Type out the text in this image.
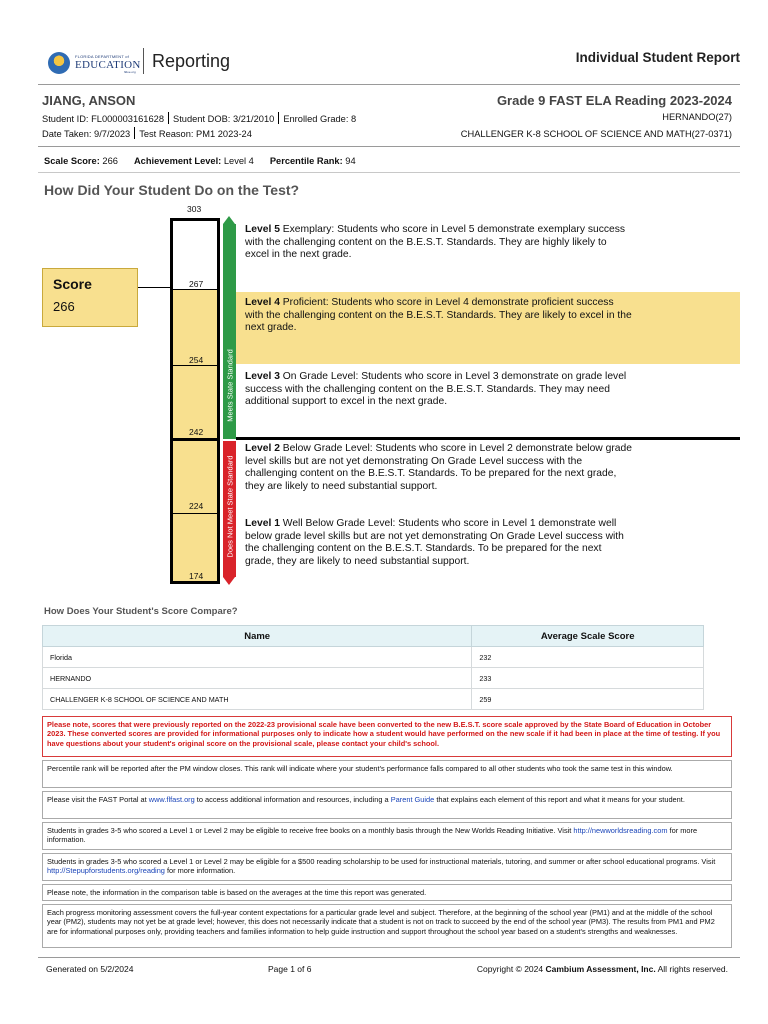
FLORIDA DEPARTMENT of
EDUCATION
fldoe.org
Reporting	Individual Student Report
JIANG, ANSON
Student ID: FL000003161628 Student DOB: 3/21/2010 Enrolled Grade: 8
Date Taken: 9/7/2023 Test Reason: PM1 2023-24
Grade 9 FAST ELA Reading 2023-2024
HERNANDO(27)
CHALLENGER K-8 SCHOOL OF SCIENCE AND MATH(27-0371)
Scale Score: 266 Achievement Level: Level 4 Percentile Rank: 94
How Did Your Student Do on the Test?
Score
266
303
267
254
242
224
174
Meets State Standard
Does Not Meet State Standard
Level 5 Exemplary: Students who score in Level 5 demonstrate exemplary success with the challenging content on the B.E.S.T. Standards. They are highly likely to excel in the next grade.
Level 4 Proficient: Students who score in Level 4 demonstrate proficient success with the challenging content on the B.E.S.T. Standards. They are likely to excel in the next grade.
Level 3 On Grade Level: Students who score in Level 3 demonstrate on grade level success with the challenging content on the B.E.S.T. Standards. They may need additional support to excel in the next grade.
Level 2 Below Grade Level: Students who score in Level 2 demonstrate below grade level skills but are not yet demonstrating On Grade Level success with the challenging content on the B.E.S.T. Standards. To be prepared for the next grade, they are likely to need substantial support.
Level 1 Well Below Grade Level: Students who score in Level 1 demonstrate well below grade level skills but are not yet demonstrating On Grade Level success with the challenging content on the B.E.S.T. Standards. To be prepared for the next grade, they are likely to need substantial support.
How Does Your Student's Score Compare?
Name	Average Scale Score
Florida	232
HERNANDO	233
CHALLENGER K-8 SCHOOL OF SCIENCE AND MATH	259
Please note, scores that were previously reported on the 2022-23 provisional scale have been converted to the new B.E.S.T. score scale approved by the State Board of Education in October 2023. These converted scores are provided for informational purposes only to indicate how a student would have performed on the new scale if it had been in place at the time of testing. If you have questions about your student's original score on the provisional scale, please contact your child's school.
Percentile rank will be reported after the PM window closes. This rank will indicate where your student's performance falls compared to all other students who took the same test in this window.
Please visit the FAST Portal at www.flfast.org to access additional information and resources, including a Parent Guide that explains each element of this report and what it means for your student.
Students in grades 3-5 who scored a Level 1 or Level 2 may be eligible to receive free books on a monthly basis through the New Worlds Reading Initiative. Visit http://newworldsreading.com for more information.
Students in grades 3-5 who scored a Level 1 or Level 2 may be eligible for a $500 reading scholarship to be used for instructional materials, tutoring, and summer or after school educational programs. Visit http://Stepupforstudents.org/reading for more information.
Please note, the information in the comparison table is based on the averages at the time this report was generated.
Each progress monitoring assessment covers the full-year content expectations for a particular grade level and subject. Therefore, at the beginning of the school year (PM1) and at the middle of the school year (PM2), students may not yet be at grade level; however, this does not necessarily indicate that a student is not on track to succeed by the end of the school year (PM3). The results from PM1 and PM2 are for informational purposes only, providing teachers and families information to help guide instruction and support throughout the school year based on a student's strengths and weaknesses.
Generated on 5/2/2024	Page 1 of 6	Copyright © 2024 Cambium Assessment, Inc. All rights reserved.
